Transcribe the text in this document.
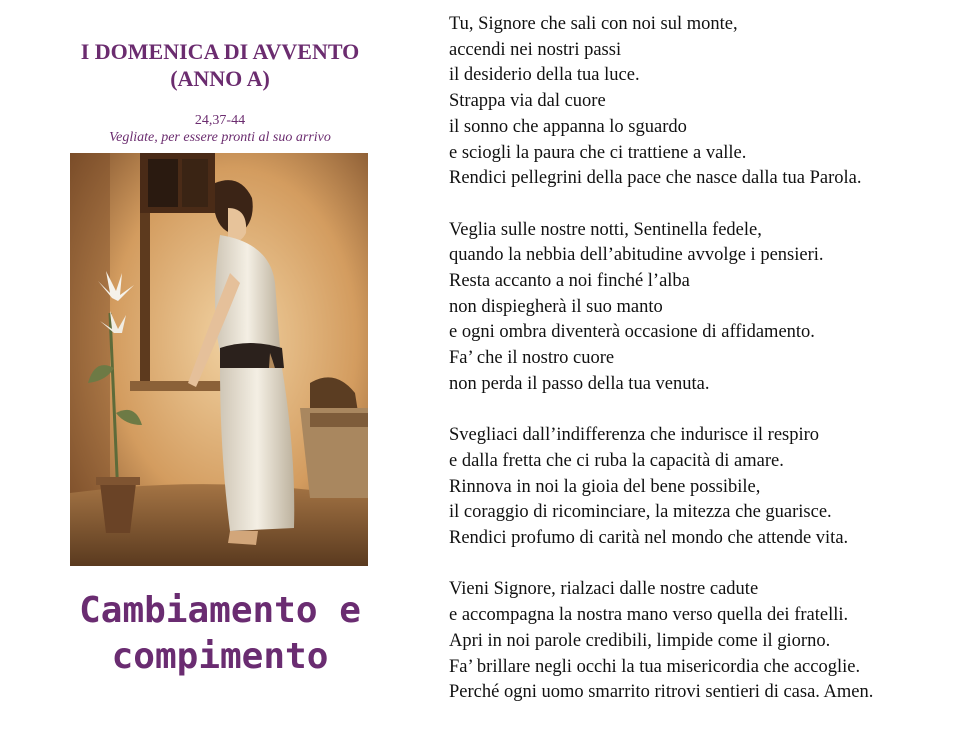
I DOMENICA DI AVVENTO
(ANNO A)

24,37-44

Vegliate, per essere pronti al suo arrivo

Cambiamento e
compimento
Tu, Signore che sali con noi sul monte,
accendi nei nostri passi
il desiderio della tua luce.
Strappa via dal cuore
il sonno che appanna lo sguardo
e sciogli la paura che ci trattiene a valle.
Rendici pellegrini della pace che nasce dalla tua Parola.
Veglia sulle nostre notti, Sentinella fedele,
quando la nebbia dell’abitudine avvolge i pensieri.
Resta accanto a noi finché l’alba
non dispiegherà il suo manto
e ogni ombra diventerà occasione di affidamento.
Fa’ che il nostro cuore
non perda il passo della tua venuta.
Svegliaci dall’indifferenza che indurisce il respiro
e dalla fretta che ci ruba la capacità di amare.
Rinnova in noi la gioia del bene possibile,
il coraggio di ricominciare, la mitezza che guarisce.
Rendici profumo di carità nel mondo che attende vita.
Vieni Signore, rialzaci dalle nostre cadute
e accompagna la nostra mano verso quella dei fratelli.
Apri in noi parole credibili, limpide come il giorno.
Fa’ brillare negli occhi la tua misericordia che accoglie.
Perché ogni uomo smarrito ritrovi sentieri di casa. Amen.
